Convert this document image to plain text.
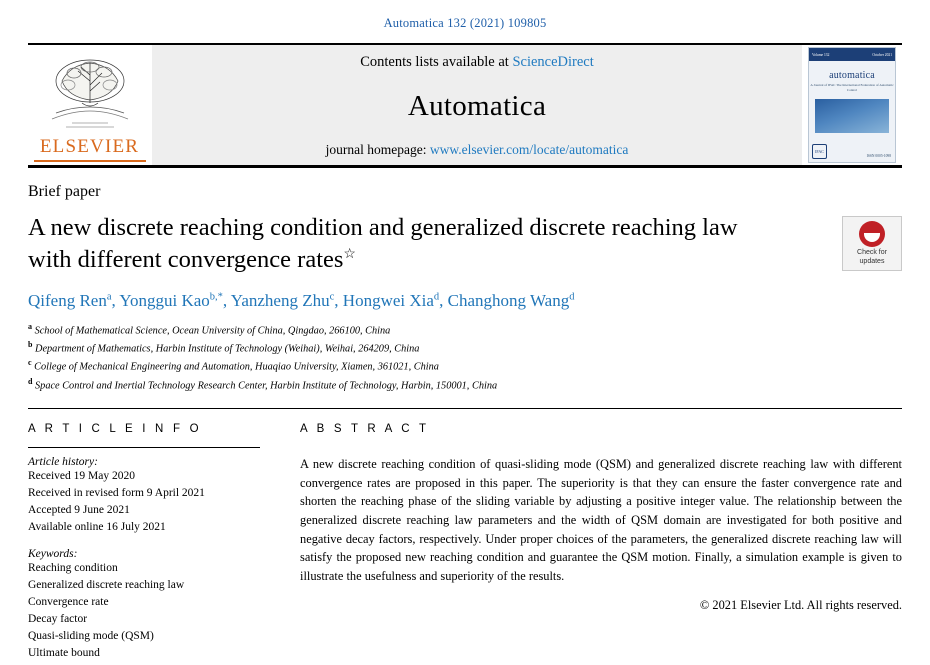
Automatica 132 (2021) 109805
ELSEVIER
Contents lists available at ScienceDirect
Automatica
journal homepage: www.elsevier.com/locate/automatica
Volume 132	October 2021
automatica
A Journal of IFAC The International Federation of Automatic Control
IFAC
ISSN 0005-1098
Brief paper
A new discrete reaching condition and generalized discrete reaching law with different convergence rates☆	Check for
updates
Qifeng Ren$^a$, Yonggui Kao$^{b,*}$, Yanzheng Zhu$^c$, Hongwei Xia$^d$, Changhong Wang$^d$
$^a$ School of Mathematical Science, Ocean University of China, Qingdao, 266100, China
$^b$ Department of Mathematics, Harbin Institute of Technology (Weihai), Weihai, 264209, China
$^c$ College of Mechanical Engineering and Automation, Huaqiao University, Xiamen, 361021, China
$^d$ Space Control and Inertial Technology Research Center, Harbin Institute of Technology, Harbin, 150001, China
A R T I C L E I N F O
Article history:
Received 19 May 2020
Received in revised form 9 April 2021
Accepted 9 June 2021
Available online 16 July 2021
Keywords:
Reaching condition
Generalized discrete reaching law
Convergence rate
Decay factor
Quasi-sliding mode (QSM)
Ultimate bound
A B S T R A C T
A new discrete reaching condition of quasi-sliding mode (QSM) and generalized discrete reaching law with different convergence rates are proposed in this paper. The superiority is that they can ensure the faster convergence rate and shorten the reaching phase of the sliding variable by adjusting a positive integer value. The relationship between the generalized discrete reaching law parameters and the width of QSM domain are investigated for both positive and negative decay factors, respectively. Under proper choices of the parameters, the generalized discrete reaching law will satisfy the proposed new reaching condition and guarantee the QSM motion. Finally, a simulation example is given to illustrate the usefulness and superiority of the results.
© 2021 Elsevier Ltd. All rights reserved.
